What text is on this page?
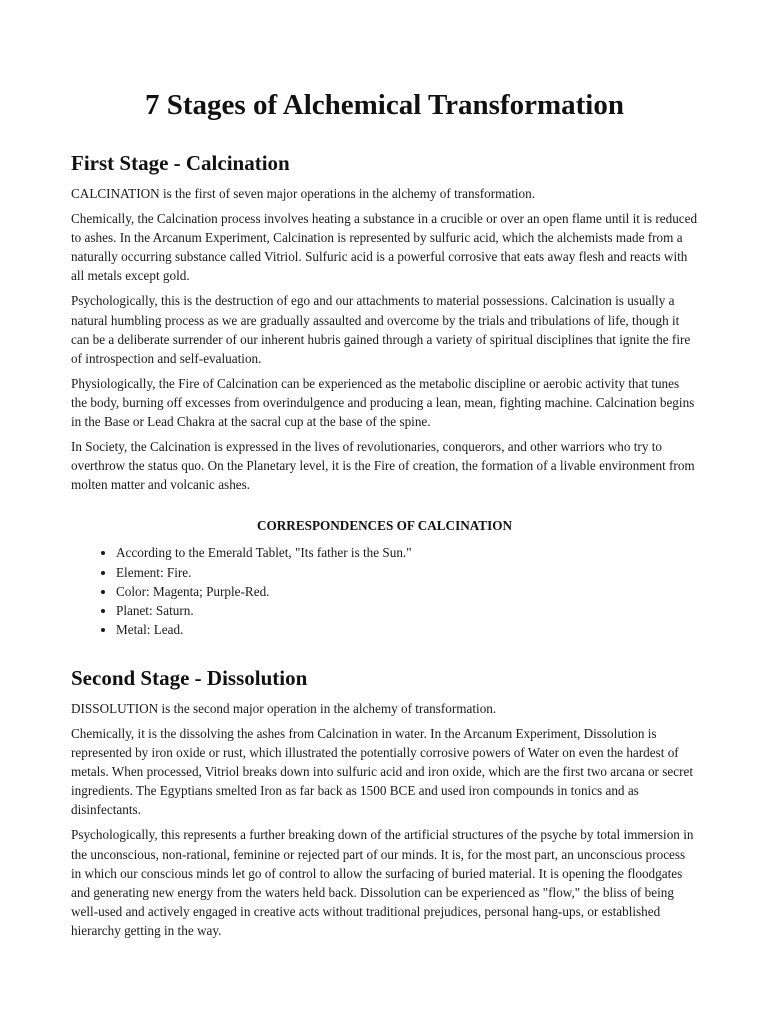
7 Stages of Alchemical Transformation
First Stage - Calcination

CALCINATION is the first of seven major operations in the alchemy of transformation.

Chemically, the Calcination process involves heating a substance in a crucible or over an open flame until it is reduced to ashes. In the Arcanum Experiment, Calcination is represented by sulfuric acid, which the alchemists made from a naturally occurring substance called Vitriol. Sulfuric acid is a powerful corrosive that eats away flesh and reacts with all metals except gold.

Psychologically, this is the destruction of ego and our attachments to material possessions. Calcination is usually a natural humbling process as we are gradually assaulted and overcome by the trials and tribulations of life, though it can be a deliberate surrender of our inherent hubris gained through a variety of spiritual disciplines that ignite the fire of introspection and self-evaluation.

Physiologically, the Fire of Calcination can be experienced as the metabolic discipline or aerobic activity that tunes the body, burning off excesses from overindulgence and producing a lean, mean, fighting machine. Calcination begins in the Base or Lead Chakra at the sacral cup at the base of the spine.

In Society, the Calcination is expressed in the lives of revolutionaries, conquerors, and other warriors who try to overthrow the status quo. On the Planetary level, it is the Fire of creation, the formation of a livable environment from molten matter and volcanic ashes.

CORRESPONDENCES OF CALCINATION
• According to the Emerald Tablet, "Its father is the Sun."
• Element: Fire.
• Color: Magenta; Purple-Red.
• Planet: Saturn.
• Metal: Lead.
Second Stage - Dissolution

DISSOLUTION is the second major operation in the alchemy of transformation.

Chemically, it is the dissolving the ashes from Calcination in water. In the Arcanum Experiment, Dissolution is represented by iron oxide or rust, which illustrated the potentially corrosive powers of Water on even the hardest of metals. When processed, Vitriol breaks down into sulfuric acid and iron oxide, which are the first two arcana or secret ingredients. The Egyptians smelted Iron as far back as 1500 BCE and used iron compounds in tonics and as disinfectants.

Psychologically, this represents a further breaking down of the artificial structures of the psyche by total immersion in the unconscious, non-rational, feminine or rejected part of our minds. It is, for the most part, an unconscious process in which our conscious minds let go of control to allow the surfacing of buried material. It is opening the floodgates and generating new energy from the waters held back. Dissolution can be experienced as "flow," the bliss of being well-used and actively engaged in creative acts without traditional prejudices, personal hang-ups, or established hierarchy getting in the way.
